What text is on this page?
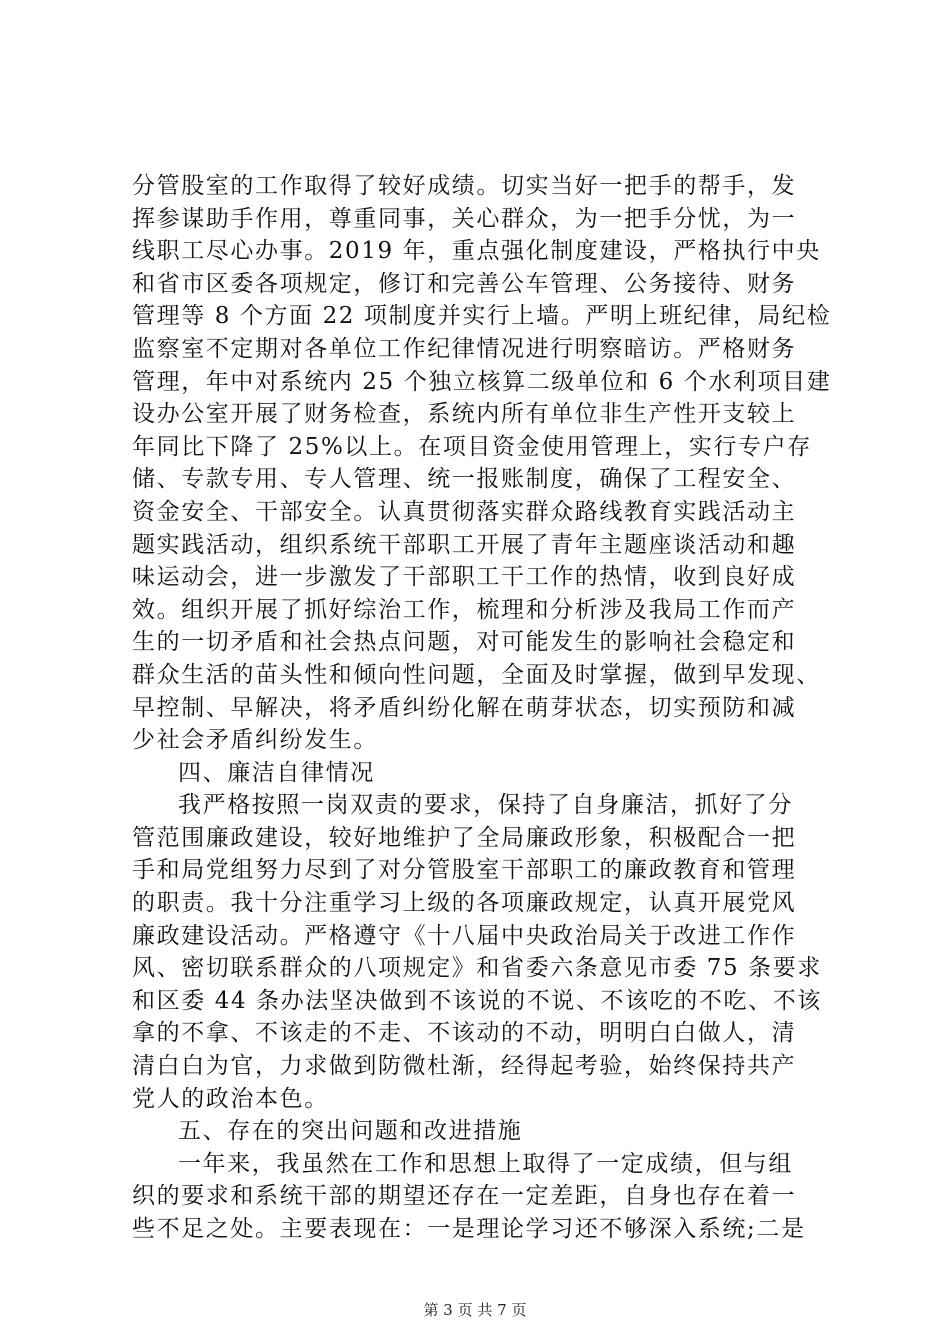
分管股室的工作取得了较好成绩。切实当好一把手的帮手，发
挥参谋助手作用，尊重同事，关心群众，为一把手分忧，为一
线职工尽心办事。2019 年，重点强化制度建设，严格执行中央
和省市区委各项规定，修订和完善公车管理、公务接待、财务
管理等 8 个方面 22 项制度并实行上墙。严明上班纪律，局纪检
监察室不定期对各单位工作纪律情况进行明察暗访。严格财务
管理，年中对系统内 25 个独立核算二级单位和 6 个水利项目建
设办公室开展了财务检查，系统内所有单位非生产性开支较上
年同比下降了 25%以上。在项目资金使用管理上，实行专户存
储、专款专用、专人管理、统一报账制度，确保了工程安全、
资金安全、干部安全。认真贯彻落实群众路线教育实践活动主
题实践活动，组织系统干部职工开展了青年主题座谈活动和趣
味运动会，进一步激发了干部职工干工作的热情，收到良好成
效。组织开展了抓好综治工作，梳理和分析涉及我局工作而产
生的一切矛盾和社会热点问题，对可能发生的影响社会稳定和
群众生活的苗头性和倾向性问题，全面及时掌握，做到早发现、
早控制、早解决，将矛盾纠纷化解在萌芽状态，切实预防和减
少社会矛盾纠纷发生。
四、廉洁自律情况
我严格按照一岗双责的要求，保持了自身廉洁，抓好了分
管范围廉政建设，较好地维护了全局廉政形象，积极配合一把
手和局党组努力尽到了对分管股室干部职工的廉政教育和管理
的职责。我十分注重学习上级的各项廉政规定，认真开展党风
廉政建设活动。严格遵守《十八届中央政治局关于改进工作作
风、密切联系群众的八项规定》和省委六条意见市委 75 条要求
和区委 44 条办法坚决做到不该说的不说、不该吃的不吃、不该
拿的不拿、不该走的不走、不该动的不动，明明白白做人，清
清白白为官，力求做到防微杜渐，经得起考验，始终保持共产
党人的政治本色。
五、存在的突出问题和改进措施
一年来，我虽然在工作和思想上取得了一定成绩，但与组
织的要求和系统干部的期望还存在一定差距，自身也存在着一
些不足之处。主要表现在：一是理论学习还不够深入系统;二是
第 3 页 共 7 页
